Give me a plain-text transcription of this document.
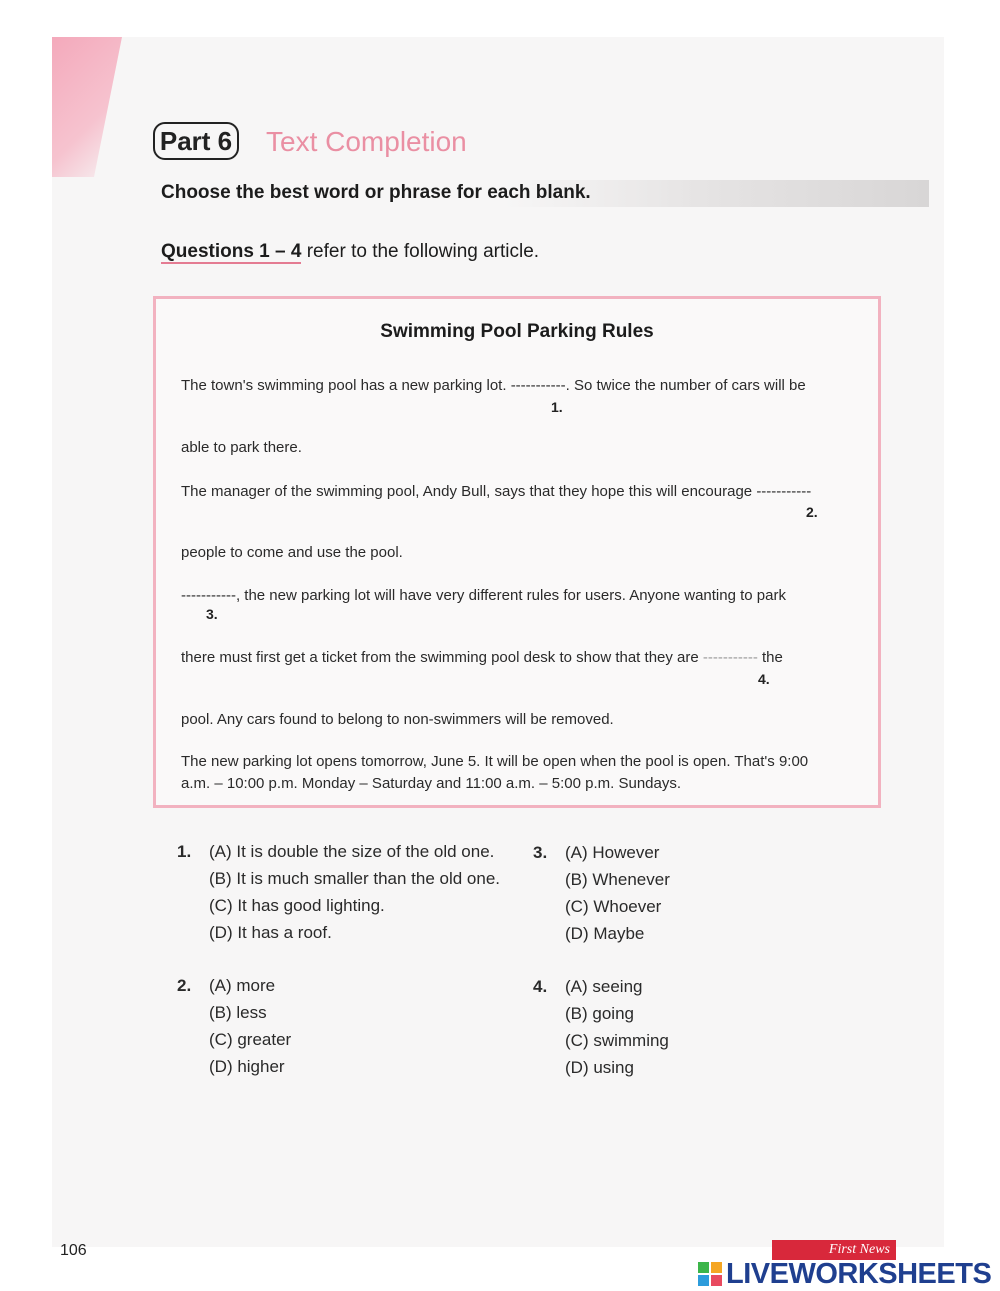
Part 6 Text Completion
Choose the best word or phrase for each blank.
Questions 1 – 4 refer to the following article.
Swimming Pool Parking Rules
The town's swimming pool has a new parking lot. -----------. So twice the number of cars will be
1.
able to park there.
The manager of the swimming pool, Andy Bull, says that they hope this will encourage -----------
2.
people to come and use the pool.
-----------, the new parking lot will have very different rules for users. Anyone wanting to park
3.
there must first get a ticket from the swimming pool desk to show that they are ----------- the
4.
pool. Any cars found to belong to non-swimmers will be removed.
The new parking lot opens tomorrow, June 5. It will be open when the pool is open. That's 9:00
a.m. – 10:00 p.m. Monday – Saturday and 11:00 a.m. – 5:00 p.m. Sundays.
1. (A) It is double the size of the old one.
(B) It is much smaller than the old one.
(C) It has good lighting.
(D) It has a roof.
2. (A) more
(B) less
(C) greater
(D) higher
3. (A) However
(B) Whenever
(C) Whoever
(D) Maybe
4. (A) seeing
(B) going
(C) swimming
(D) using
106	First News
LIVEWORKSHEETS
